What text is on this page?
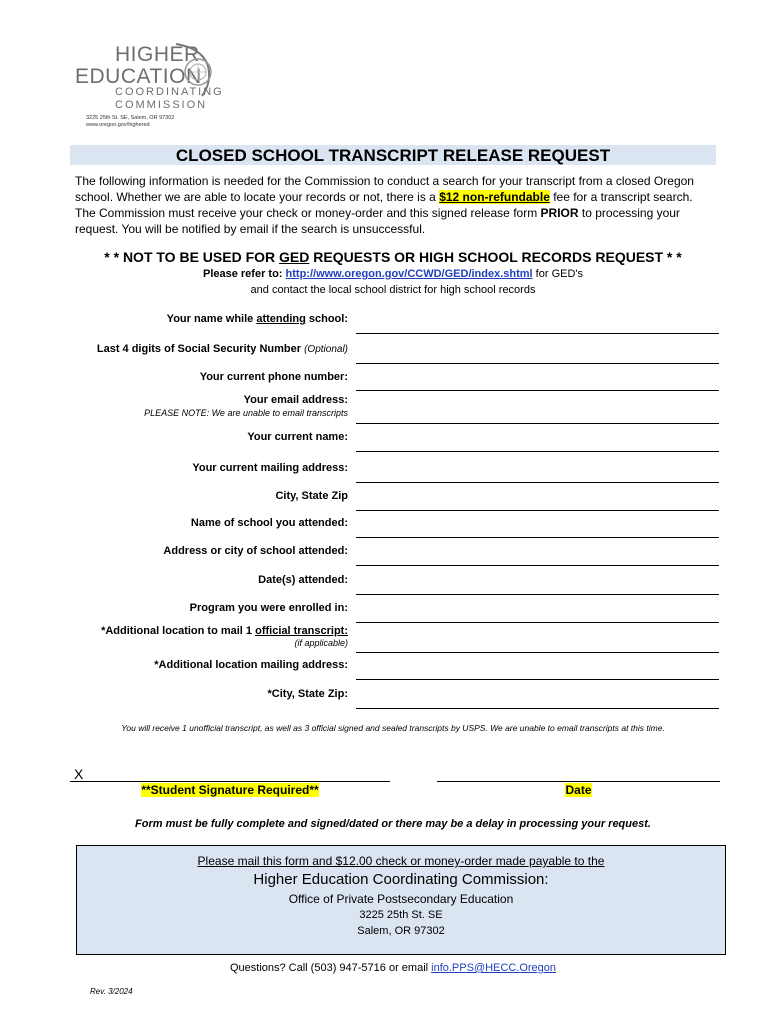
HIGHER
EDUCATION
COORDINATING
COMMISSION
3225 25th St. SE, Salem, OR 97302
www.oregon.gov/highered
CLOSED SCHOOL TRANSCRIPT RELEASE REQUEST
The following information is needed for the Commission to conduct a search for your transcript from a closed Oregon school. Whether we are able to locate your records or not, there is a $12 non-refundable fee for a transcript search. The Commission must receive your check or money-order and this signed release form PRIOR to processing your request. You will be notified by email if the search is unsuccessful.
* * NOT TO BE USED FOR GED REQUESTS OR HIGH SCHOOL RECORDS REQUEST * *
Please refer to: http://www.oregon.gov/CCWD/GED/index.shtml for GED's
and contact the local school district for high school records
Your name while attending school:
Last 4 digits of Social Security Number (Optional)
Your current phone number:
Your email address:
PLEASE NOTE: We are unable to email transcripts
Your current name:
Your current mailing address:
City, State Zip
Name of school you attended:
Address or city of school attended:
Date(s) attended:
Program you were enrolled in:
*Additional location to mail 1 official transcript:
(if applicable)
*Additional location mailing address:
*City, State Zip:
You will receive 1 unofficial transcript, as well as 3 official signed and sealed transcripts by USPS. We are unable to email transcripts at this time.
X
**Student Signature Required**	Date
Form must be fully complete and signed/dated or there may be a delay in processing your request.
Please mail this form and $12.00 check or money-order made payable to the
Higher Education Coordinating Commission:
Office of Private Postsecondary Education
3225 25th St. SE
Salem, OR 97302
Questions? Call (503) 947-5716 or email info.PPS@HECC.Oregon
Rev. 3/2024
